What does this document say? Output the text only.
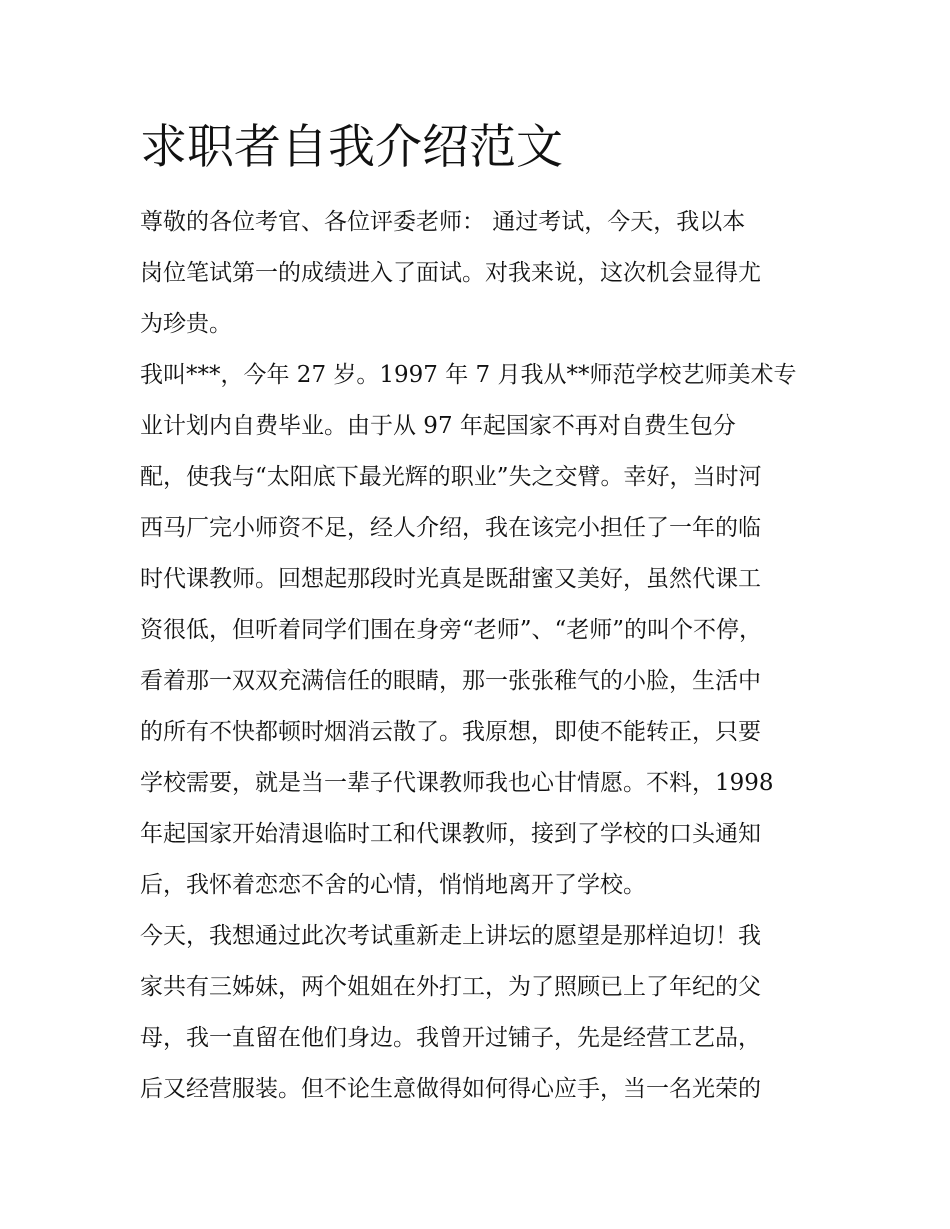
求职者自我介绍范文

尊敬的各位考官、各位评委老师： 通过考试，今天，我以本

岗位笔试第一的成绩进入了面试。对我来说，这次机会显得尤

为珍贵。

我叫***，今年 27 岁。1997 年 7 月我从**师范学校艺师美术专

业计划内自费毕业。由于从 97 年起国家不再对自费生包分

配，使我与“太阳底下最光辉的职业”失之交臂。幸好，当时河

西马厂完小师资不足，经人介绍，我在该完小担任了一年的临

时代课教师。回想起那段时光真是既甜蜜又美好，虽然代课工

资很低，但听着同学们围在身旁“老师”、“老师”的叫个不停，

看着那一双双充满信任的眼睛，那一张张稚气的小脸，生活中

的所有不快都顿时烟消云散了。我原想，即使不能转正，只要

学校需要，就是当一辈子代课教师我也心甘情愿。不料，1998

年起国家开始清退临时工和代课教师，接到了学校的口头通知

后，我怀着恋恋不舍的心情，悄悄地离开了学校。

今天，我想通过此次考试重新走上讲坛的愿望是那样迫切！我

家共有三姊妹，两个姐姐在外打工，为了照顾已上了年纪的父

母，我一直留在他们身边。我曾开过铺子，先是经营工艺品，

后又经营服装。但不论生意做得如何得心应手，当一名光荣的
